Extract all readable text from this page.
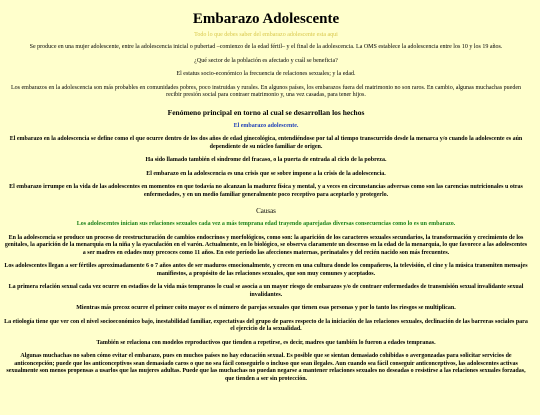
Embarazo Adolescente
Todo lo que debes saber del embarazo adolescente esta aqui

Se produce en una mujer adolescente, entre la adolescencia inicial o pubertad –comienzo de la edad fértil– y el final de la adolescencia. La OMS establece la adolescencia entre los 10 y los 19 años.

¿Qué sector de la población es afectado y cuál se beneficia?

El estatus socio-económico la frecuencia de relaciones sexuales; y la edad.

Los embarazos en la adolescencia son más probables en comunidades pobres, poco instruidas y rurales. En algunos países, los embarazos fuera del matrimonio no son raros. En cambio, algunas muchachas pueden recibir presión social para contraer matrimonio y, una vez casadas, para tener hijos.

Fenómeno principal en torno al cual se desarrollan los hechos

El embarazo adolescente.

El embarazo en la adolescencia se define como el que ocurre dentro de los dos años de edad ginecológica, entendiéndose por tal al tiempo transcurrido desde la menarca y/o cuando la adolescente es aún dependiente de su núcleo familiar de origen.

Ha sido llamado también el síndrome del fracaso, o la puerta de entrada al ciclo de la pobreza.

El embarazo en la adolescencia es una crisis que se sobre impone a la crisis de la adolescencia.

El embarazo irrumpe en la vida de las adolescentes en momentos en que todavía no alcanzan la madurez física y mental, y a veces en circunstancias adversas como son las carencias nutricionales u otras enfermedades, y en un medio familiar generalmente poco receptivo para aceptarlo y protegerlo.

Causas

Los adolescentes inician sus relaciones sexuales cada vez a más temprana edad trayendo aparejadas diversas consecuencias como lo es un embarazo.

En la adolescencia se produce un proceso de reestructuración de cambios endocrinos y morfológicos, como son: la aparición de los caracteres sexuales secundarios, la transformación y crecimiento de los genitales, la aparición de la menarquia en la niña y la eyaculación en el varón. Actualmente, en lo biológico, se observa claramente un descenso en la edad de la menarquia, lo que favorece a las adolescentes a ser madres en edades muy precoces como 11 años. En este período las afecciones maternas, perinatales y del recién nacido son más frecuentes.

Los adolescentes llegan a ser fértiles aproximadamente 6 o 7 años antes de ser maduros emocionalmente, y crecen en una cultura donde los compañeros, la televisión, el cine y la música transmiten mensajes manifiestos, a propósito de las relaciones sexuales, que son muy comunes y aceptados.

La primera relación sexual cada vez ocurre en estadíos de la vida más tempranos lo cual se asocia a un mayor riesgo de embarazos y/o de contraer enfermedades de transmisión sexual invalidante sexual invalidantes.

Mientras más precoz ocurre el primer coito mayor es el número de parejas sexuales que tienen esas personas y por lo tanto los riesgos se multiplican.

La etiología tiene que ver con el nivel socioeconómico bajo, inestabilidad familiar, expectativas del grupo de pares respecto de la iniciación de las relaciones sexuales, declinación de las barreras sociales para el ejercicio de la sexualidad.

También se relaciona con modelos reproductivos que tienden a repetirse, es decir, madres que también lo fueron a edades tempranas.

Algunas muchachas no saben cómo evitar el embarazo, pues en muchos países no hay educación sexual. Es posible que se sientan demasiado cohibidas o avergonzadas para solicitar servicios de anticoncepción; puede que los anticonceptivos sean demasiado caros o que no sea fácil conseguirlo o incluso que sean ilegales. Aun cuando sea fácil conseguir anticonceptivos, las adolescentes activas sexualmente son menos propensas a usarlos que las mujeres adultas. Puede que las muchachas no puedan negarse a mantener relaciones sexuales no deseadas o resistirse a las relaciones sexuales forzadas, que tienden a ser sin protección.
